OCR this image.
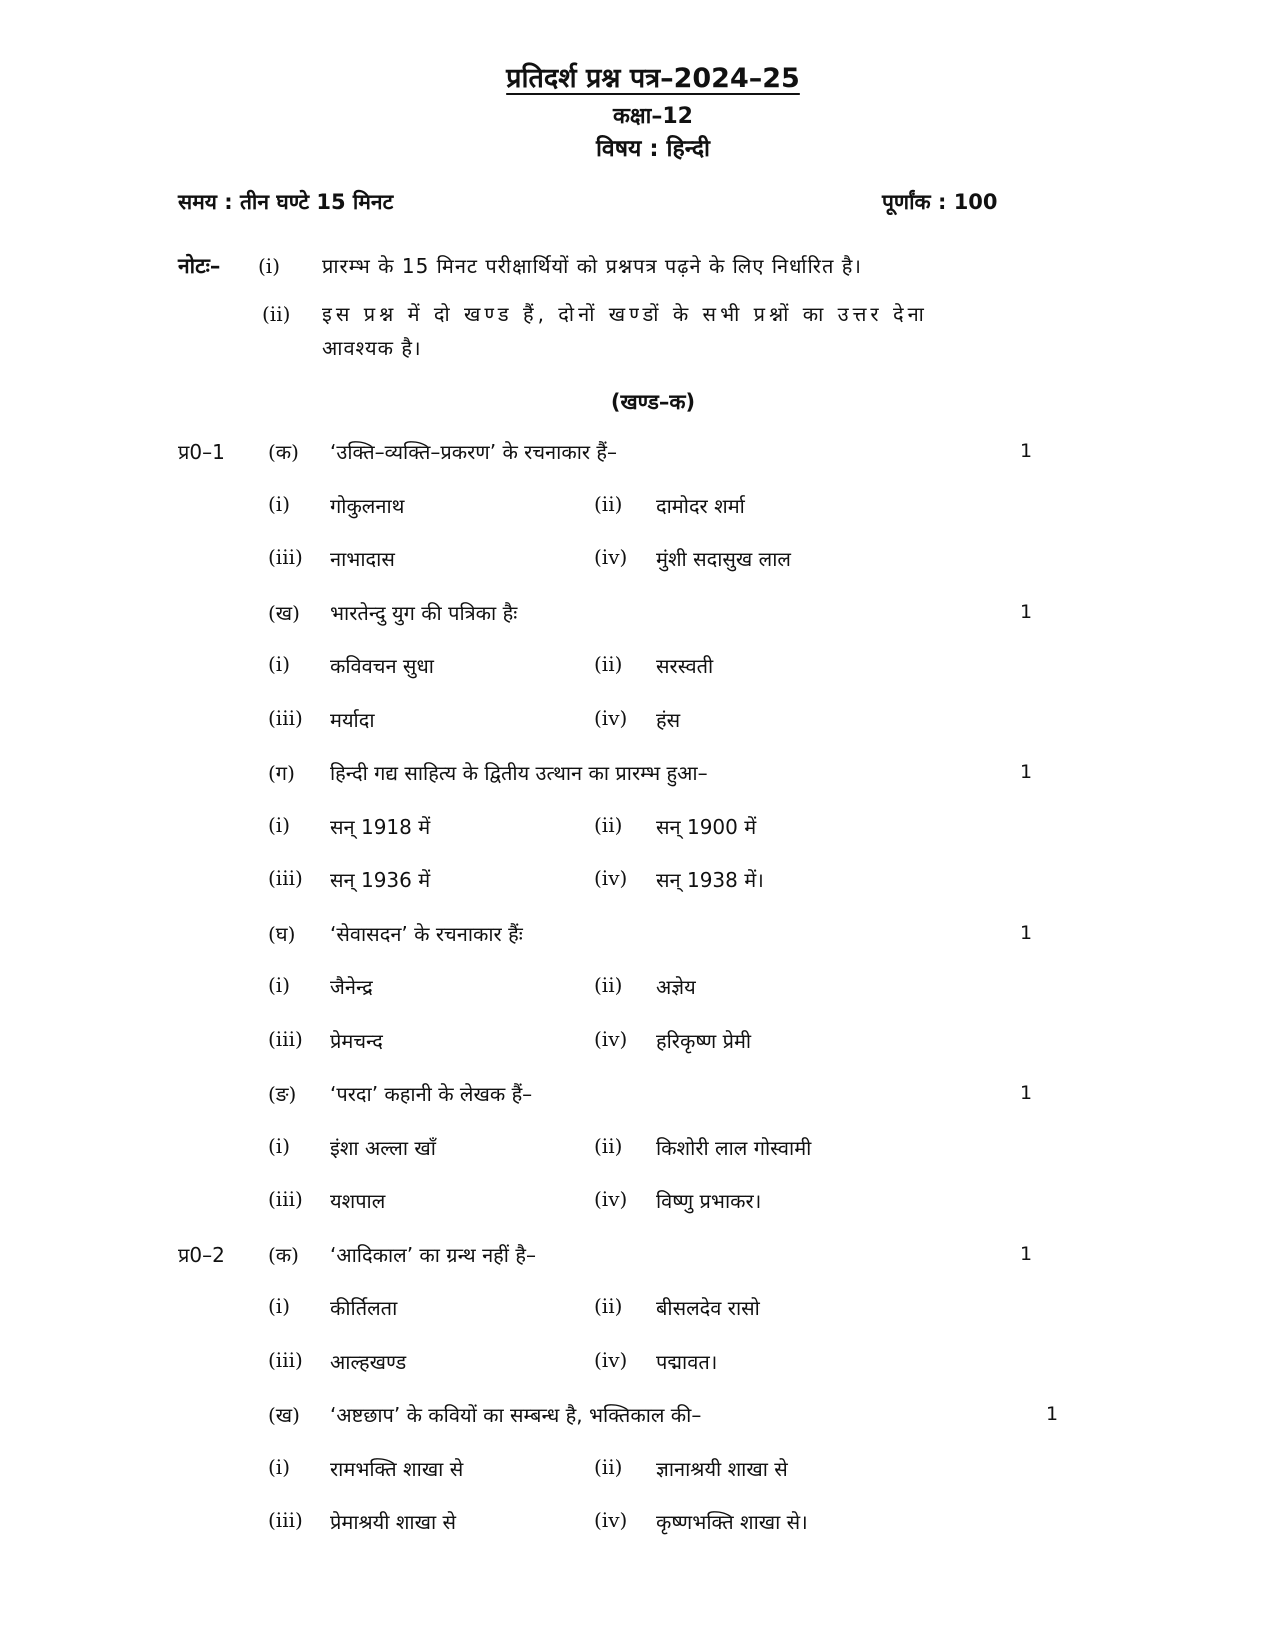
प्रतिदर्श प्रश्न पत्र–2024–25
कक्षा–12
विषय : हिन्दी
समय : तीन घण्टे 15 मिनट	पूर्णांक : 100
नोटः– (i) प्रारम्भ के 15 मिनट परीक्षार्थियों को प्रश्नपत्र पढ़ने के लिए निर्धारित है।
(ii) इस प्रश्न में दो खण्ड हैं, दोनों खण्डों के सभी प्रश्नों का उत्तर देना
आवश्यक है।
(खण्ड–क)
प्र0–1 (क) ‘उक्ति–व्यक्ति–प्रकरण’ के रचनाकार हैं–	1
(i) गोकुलनाथ	(ii) दामोदर शर्मा
(iii) नाभादास	(iv) मुंशी सदासुख लाल
(ख) भारतेन्दु युग की पत्रिका हैः	1
(i) कविवचन सुधा	(ii) सरस्वती
(iii) मर्यादा	(iv) हंस
(ग) हिन्दी गद्य साहित्य के द्वितीय उत्थान का प्रारम्भ हुआ–	1
(i) सन् 1918 में	(ii) सन् 1900 में
(iii) सन् 1936 में	(iv) सन् 1938 में।
(घ) ‘सेवासदन’ के रचनाकार हैंः	1
(i) जैनेन्द्र	(ii) अज्ञेय
(iii) प्रेमचन्द	(iv) हरिकृष्ण प्रेमी
(ङ) ‘परदा’ कहानी के लेखक हैं–	1
(i) इंशा अल्ला खाँ	(ii) किशोरी लाल गोस्वामी
(iii) यशपाल	(iv) विष्णु प्रभाकर।
प्र0–2 (क) ‘आदिकाल’ का ग्रन्थ नहीं है–	1
(i) कीर्तिलता	(ii) बीसलदेव रासो
(iii) आल्हखण्ड	(iv) पद्मावत।
(ख) ‘अष्टछाप’ के कवियों का सम्बन्ध है, भक्तिकाल की–	1
(i) रामभक्ति शाखा से	(ii) ज्ञानाश्रयी शाखा से
(iii) प्रेमाश्रयी शाखा से	(iv) कृष्णभक्ति शाखा से।
